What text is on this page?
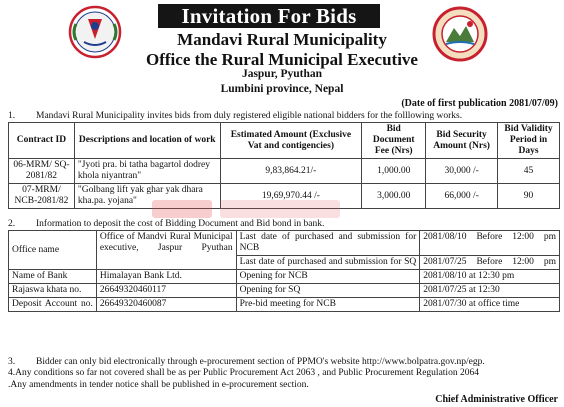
Invitation For Bids
Mandavi Rural Municipality
Office the Rural Municipal Executive
Jaspur, Pyuthan
Lumbini province, Nepal
(Date of first publication 2081/07/09)
1. Mandavi Rural Municipality invites bids from duly registered eligible national bidders for the folllowing works.
Contract ID	Descriptions and location of work	Estimated Amount (Exclusive Vat and contigencies)	Bid Document Fee (Nrs)	Bid Security Amount (Nrs)	Bid Validity Period in Days
06-MRM/ SQ-2081/82	"Jyoti pra. bi tatha bagartol dodrey khola niyantran"	9,83,864.21/-	1,000.00	30,000 /-	45
07-MRM/ NCB-2081/82	"Golbang lift yak ghar yak dhara kha.pa. yojana"	19,69,970.44 /-	3,000.00	66,000 /-	90
2. Information to deposit the cost of Bidding Document and Bid bond in bank.
Office name	Office of Mandvi Rural Municipal executive, Jaspur Pyuthan	Last date of purchased and submission for NCB	2081/08/10 Before 12:00 pm
		Last date of purchased and submission for SQ	2081/07/25 Before 12:00 pm
Name of Bank	Himalayan Bank Ltd.	Opening for NCB	2081/08/10 at 12:30 pm
Rajaswa khata no.	26649320460117	Opening for SQ	2081/07/25 at 12:30
Deposit Account no.	26649320460087	Pre-bid meeting for NCB	2081/07/30 at office time
3. Bidder can only bid electronically through e-procurement section of PPMO's website http://www.bolpatra.gov.np/egp.
4.Any conditions so far not covered shall be as per Public Procurement Act 2063 , and Public Procurement Regulation 2064
.Any amendments in tender notice shall be published in e-procurement section.
Chief Administrative Officer
